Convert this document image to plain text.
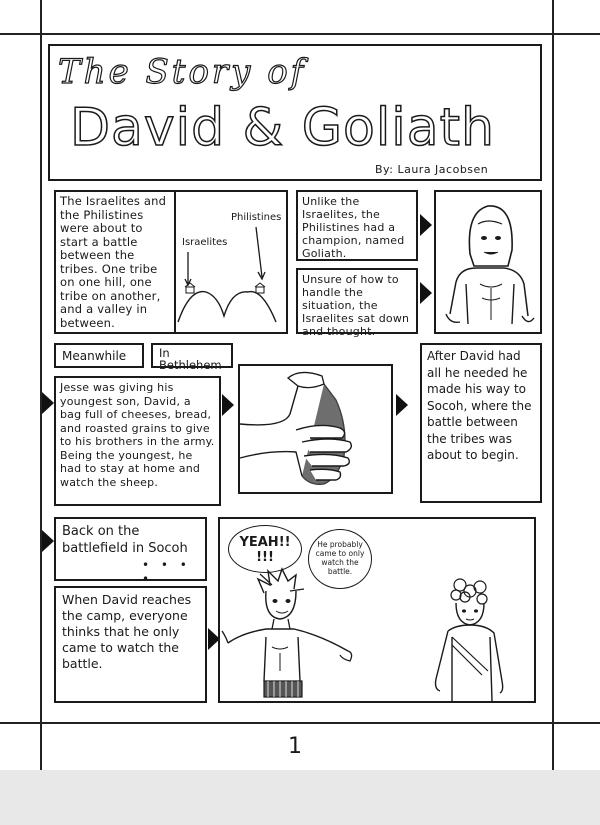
The Story of
David & Goliath
By: Laura Jacobsen
The Israelites and the Philistines were about to start a battle between the tribes. One tribe on one hill, one tribe on another, and a valley in between.
Israelites
Philistines
Unlike the Israelites, the Philistines had a champion, named Goliath.
Unsure of how to handle the situation, the Israelites sat down and thought.
Meanwhile	In Bethlehem
Jesse was giving his youngest son, David, a bag full of cheeses, bread, and roasted grains to give to his brothers in the army. Being the youngest, he had to stay at home and watch the sheep.
After David had all he needed he made his way to Socoh, where the battle between the tribes was about to begin.
Back on the battlefield in Socoh
• • • •
When David reaches the camp, everyone thinks that he only came to watch the battle.
YEAH!! !!!
He probably came to only watch the battle.
1
